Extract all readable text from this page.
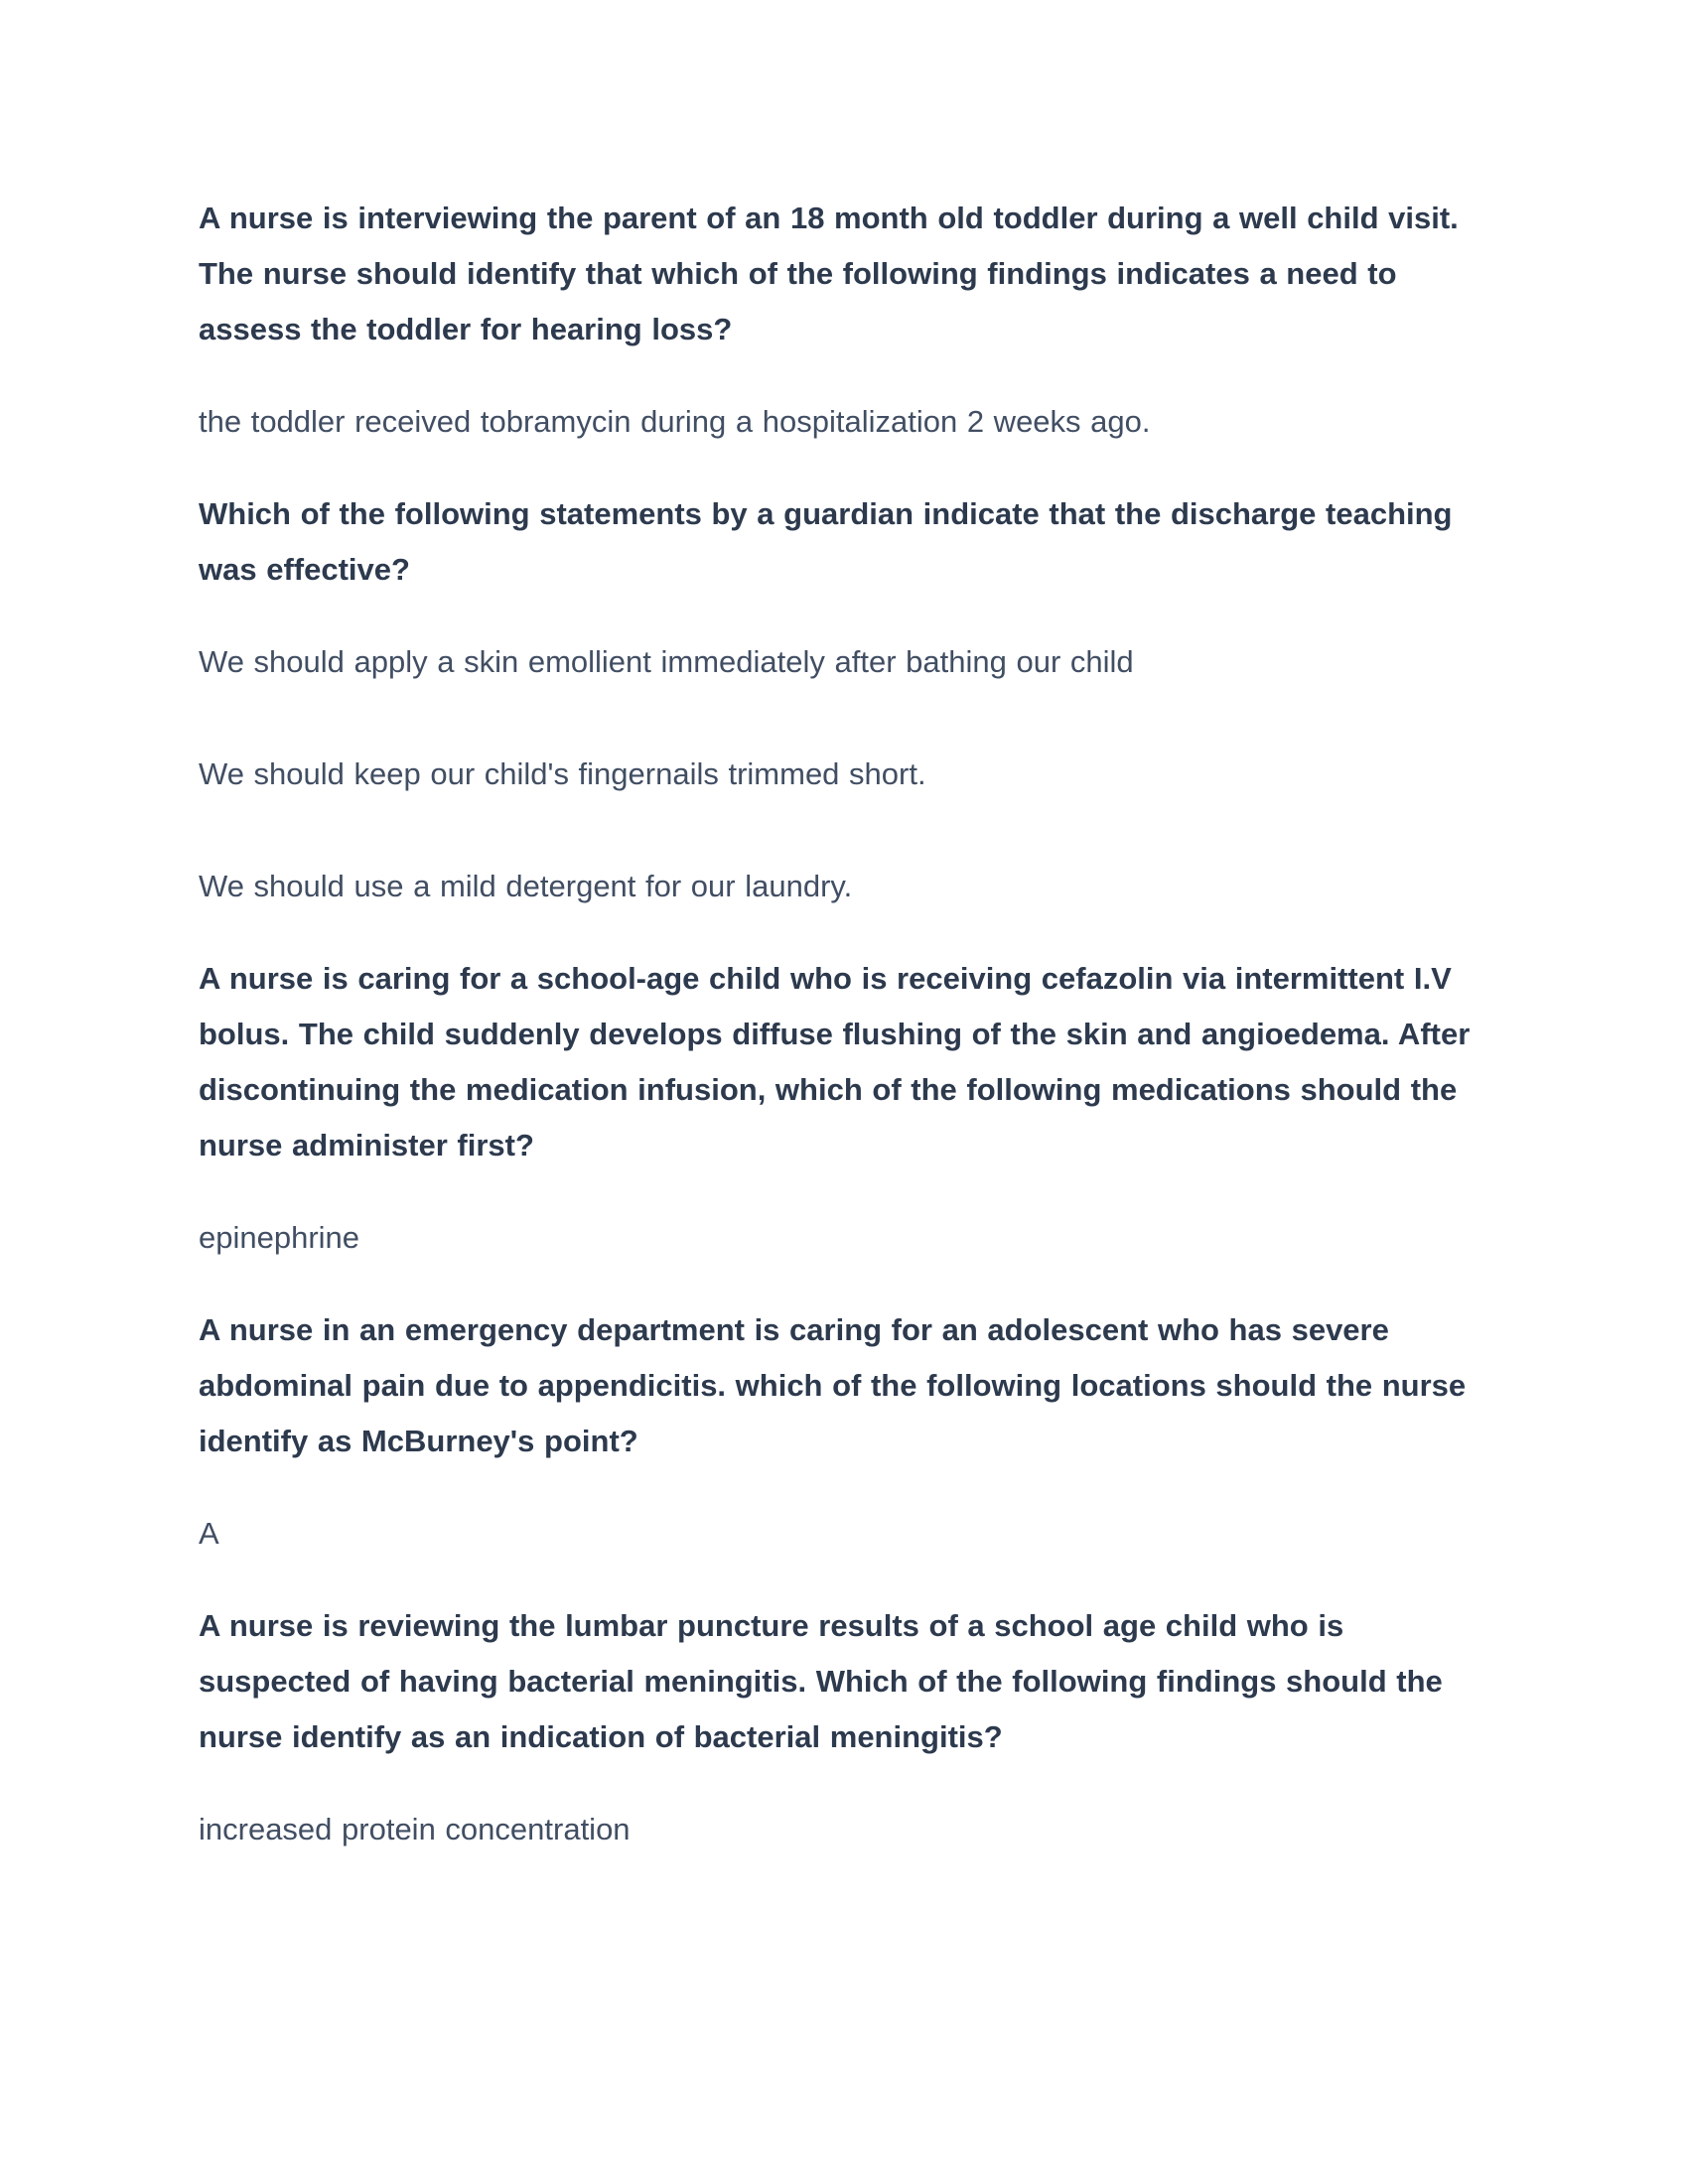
A nurse is interviewing the parent of an 18 month old toddler during a well child visit. The nurse should identify that which of the following findings indicates a need to assess the toddler for hearing loss?

the toddler received tobramycin during a hospitalization 2 weeks ago.

Which of the following statements by a guardian indicate that the discharge teaching was effective?

We should apply a skin emollient immediately after bathing our child

We should keep our child's fingernails trimmed short.

We should use a mild detergent for our laundry.

A nurse is caring for a school-age child who is receiving cefazolin via intermittent I.V bolus. The child suddenly develops diffuse flushing of the skin and angioedema. After discontinuing the medication infusion, which of the following medications should the nurse administer first?

epinephrine

A nurse in an emergency department is caring for an adolescent who has severe abdominal pain due to appendicitis. which of the following locations should the nurse identify as McBurney's point?

A

A nurse is reviewing the lumbar puncture results of a school age child who is suspected of having bacterial meningitis. Which of the following findings should the nurse identify as an indication of bacterial meningitis?

increased protein concentration
